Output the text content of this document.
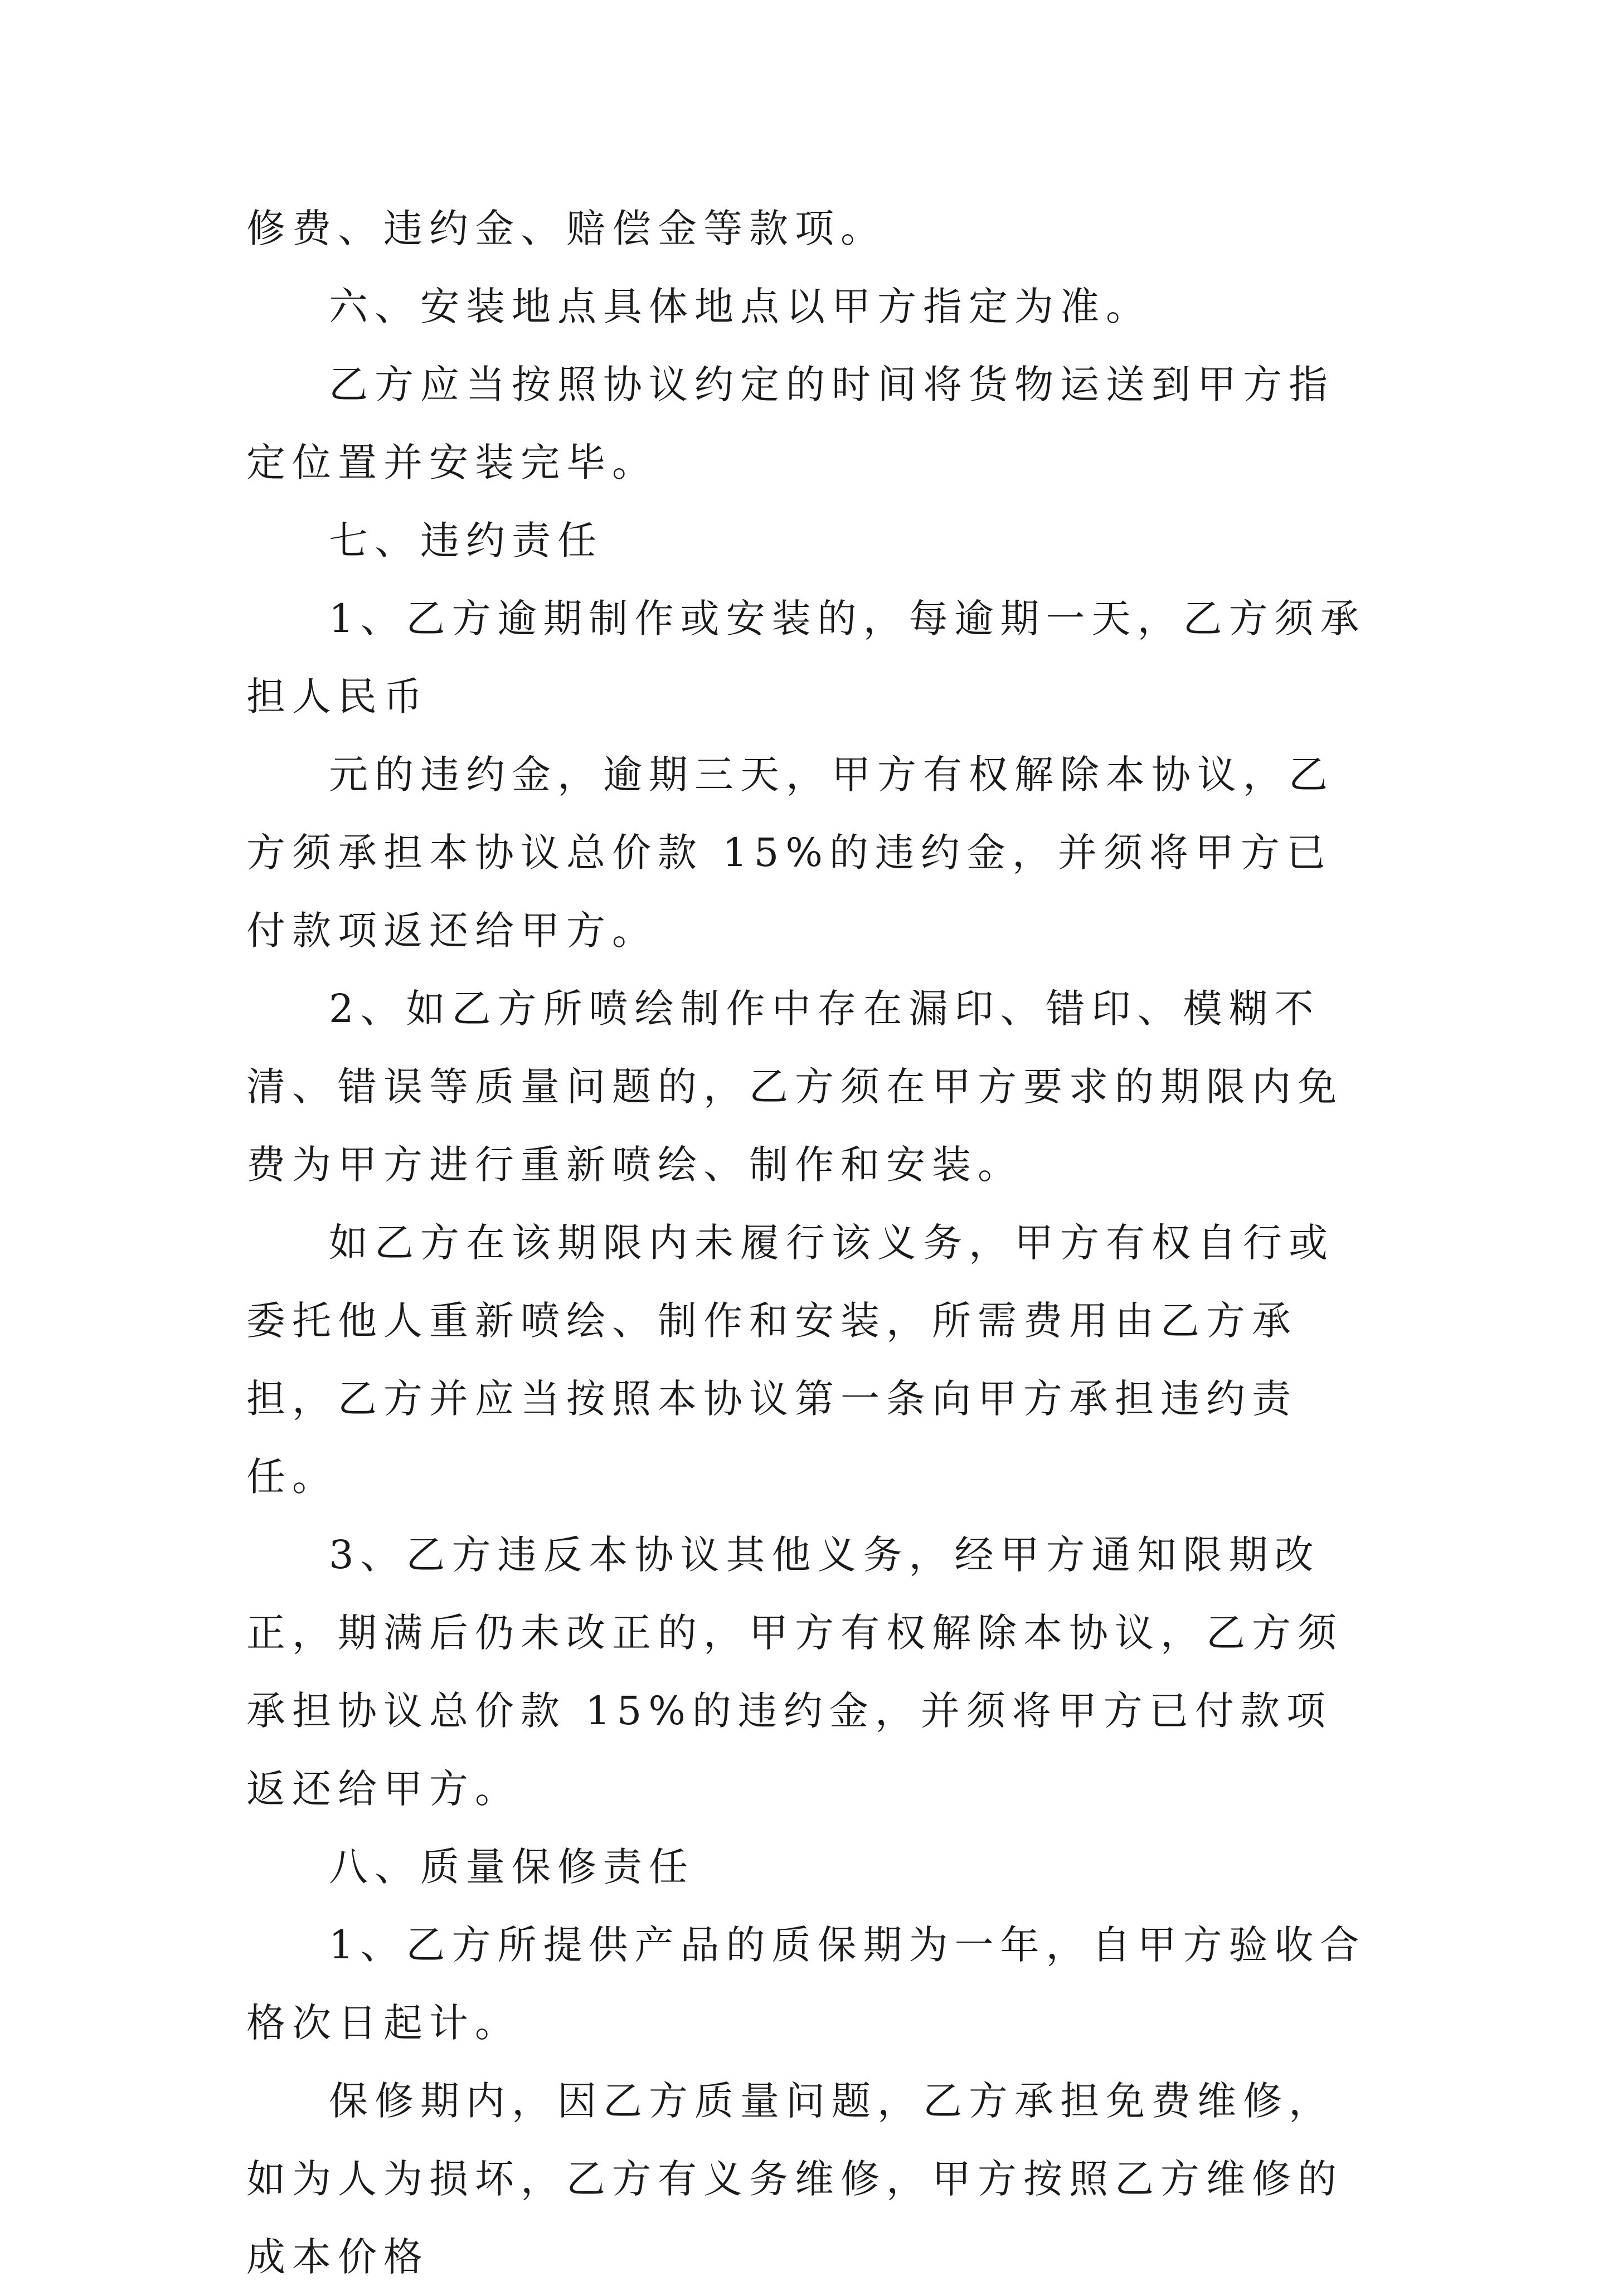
修费、违约金、赔偿金等款项。

六、安装地点具体地点以甲方指定为准。

乙方应当按照协议约定的时间将货物运送到甲方指定位置并安装完毕。

七、违约责任

1、乙方逾期制作或安装的，每逾期一天，乙方须承担人民币

元的违约金，逾期三天，甲方有权解除本协议，乙方须承担本协议总价款 15%的违约金，并须将甲方已付款项返还给甲方。

2、如乙方所喷绘制作中存在漏印、错印、模糊不清、错误等质量问题的，乙方须在甲方要求的期限内免费为甲方进行重新喷绘、制作和安装。

如乙方在该期限内未履行该义务，甲方有权自行或委托他人重新喷绘、制作和安装，所需费用由乙方承担，乙方并应当按照本协议第一条向甲方承担违约责任。

3、乙方违反本协议其他义务，经甲方通知限期改正，期满后仍未改正的，甲方有权解除本协议，乙方须承担协议总价款 15%的违约金，并须将甲方已付款项返还给甲方。

八、质量保修责任

1、乙方所提供产品的质保期为一年，自甲方验收合格次日起计。

保修期内，因乙方质量问题，乙方承担免费维修，如为人为损坏，乙方有义务维修，甲方按照乙方维修的成本价格
